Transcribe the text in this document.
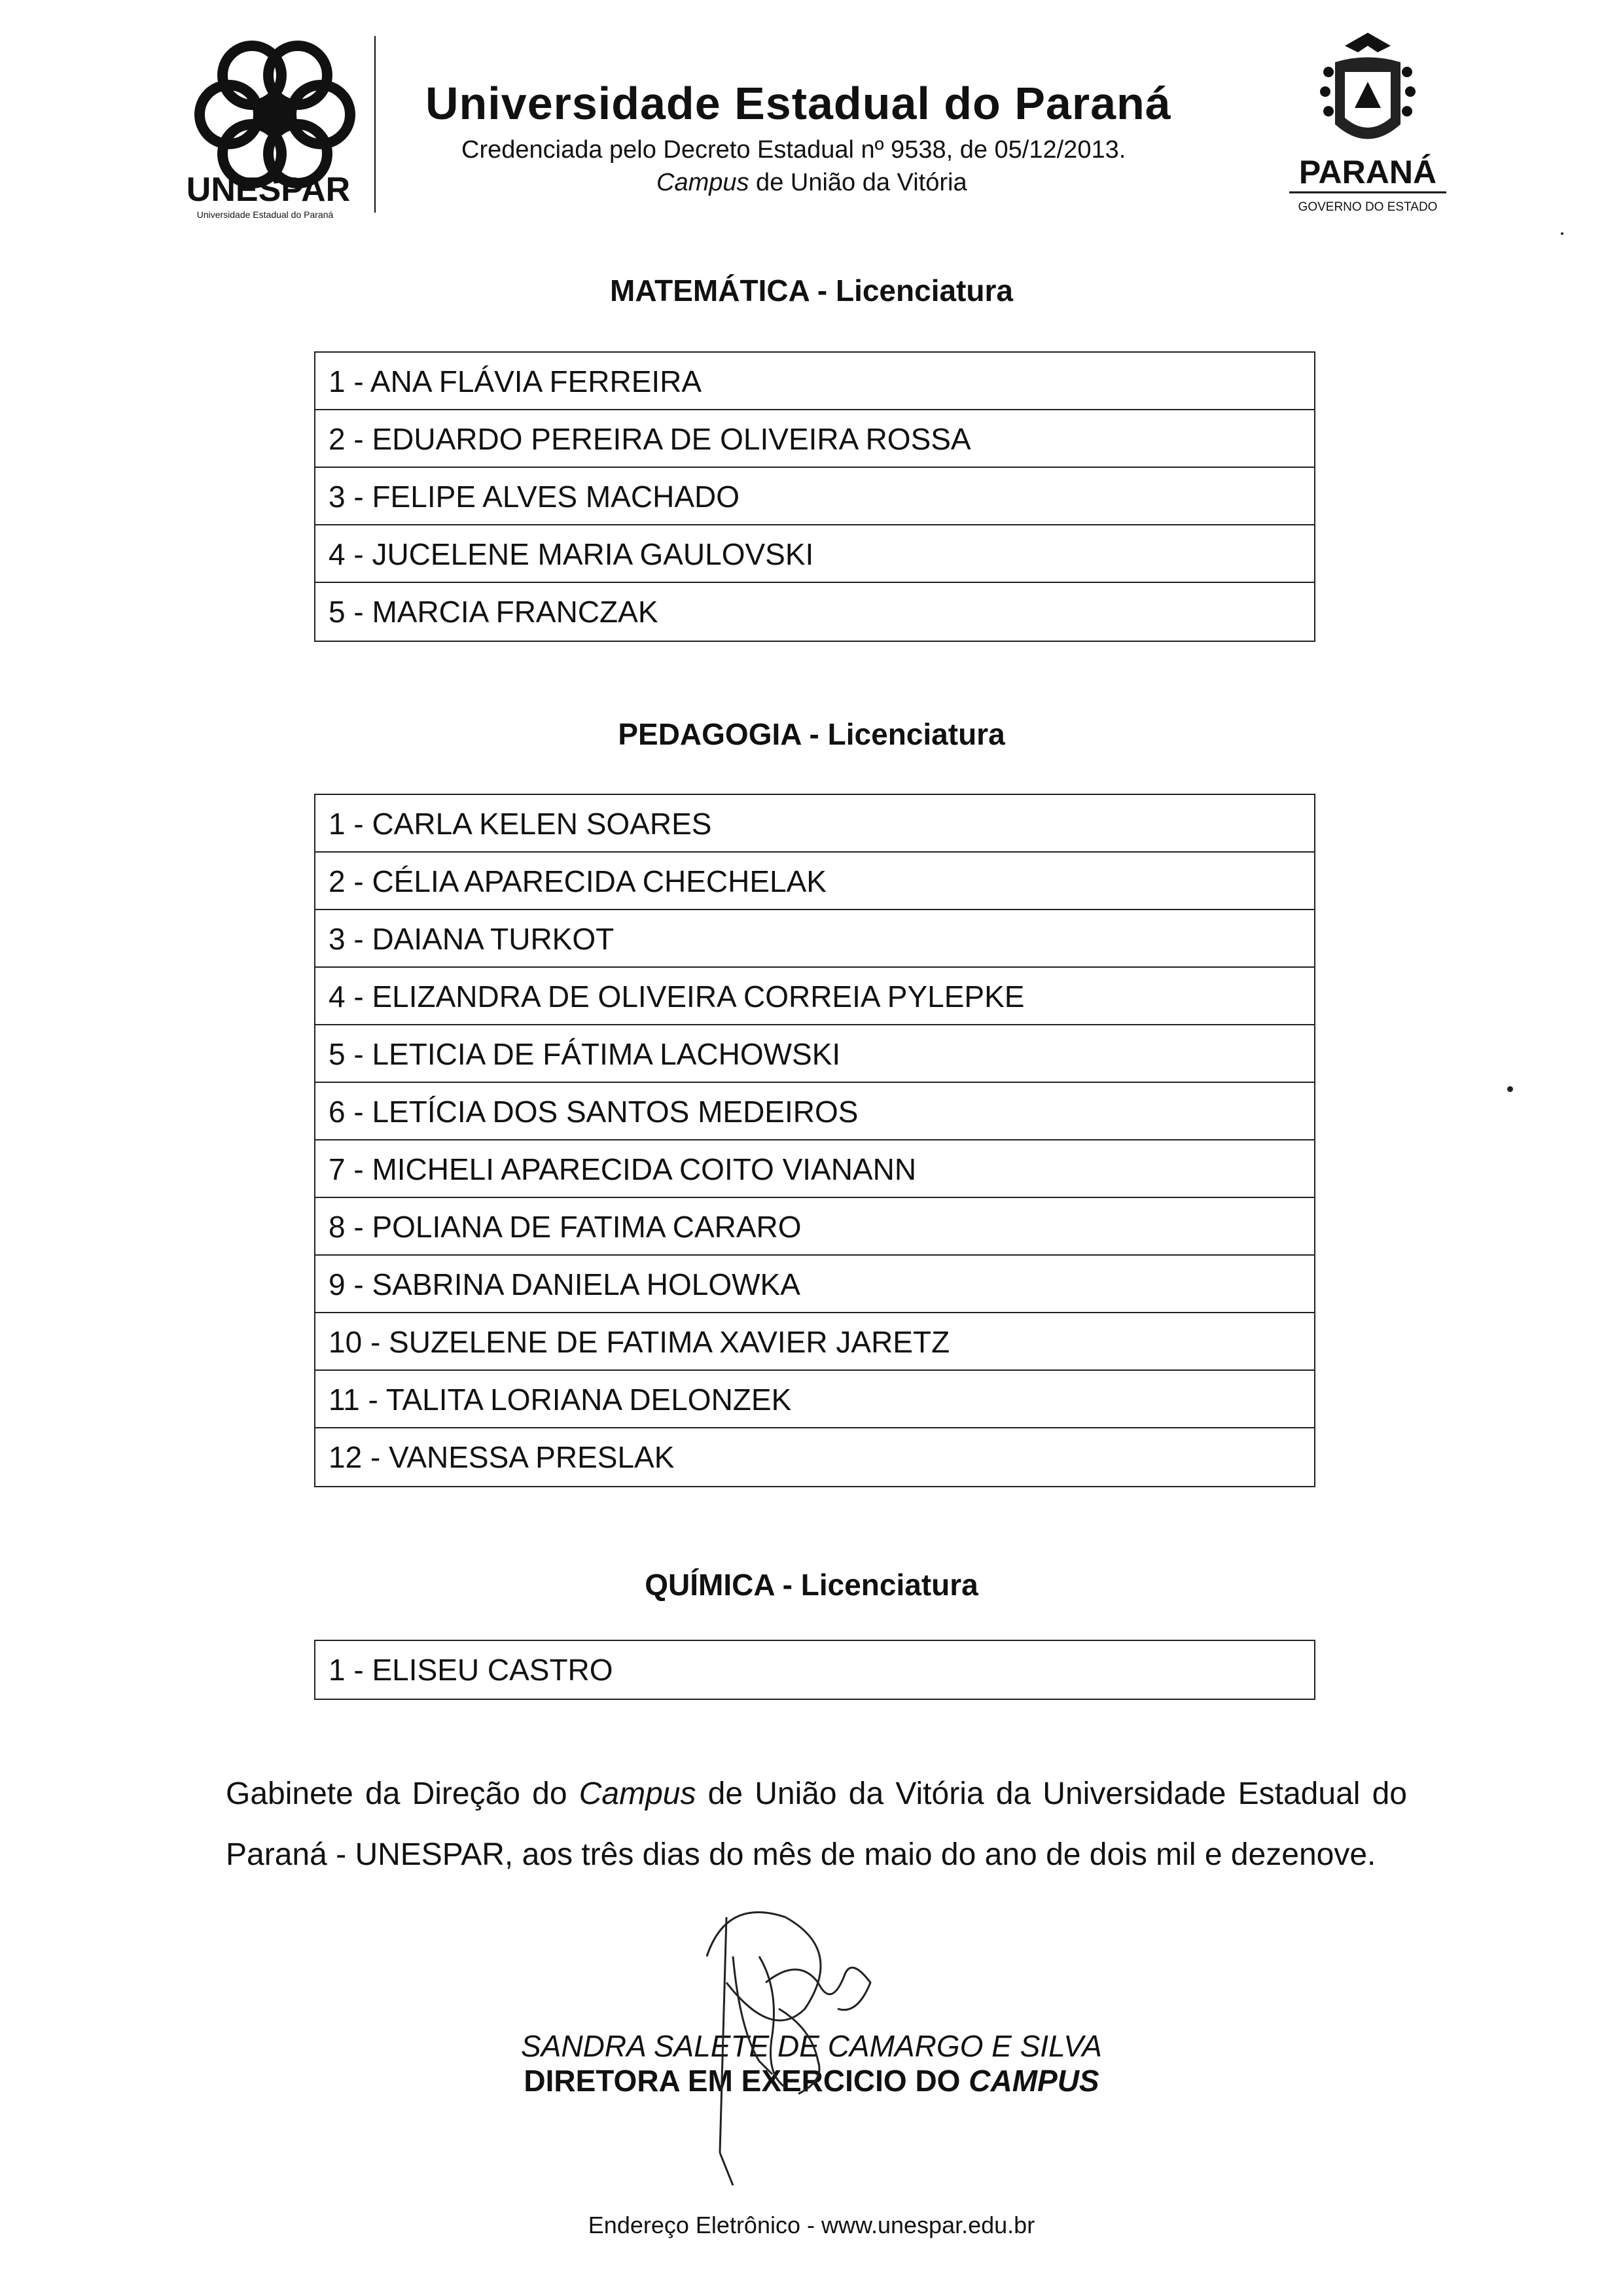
UNESPAR
Universidade Estadual do Paraná
Universidade Estadual do Paraná
Credenciada pelo Decreto Estadual nº 9538, de 05/12/2013.
Campus de União da Vitória	PARANÁ
GOVERNO DO ESTADO
MATEMÁTICA - Licenciatura
1 - ANA FLÁVIA FERREIRA
2 - EDUARDO PEREIRA DE OLIVEIRA ROSSA
3 - FELIPE ALVES MACHADO
4 - JUCELENE MARIA GAULOVSKI
5 - MARCIA FRANCZAK
PEDAGOGIA - Licenciatura
1 - CARLA KELEN SOARES
2 - CÉLIA APARECIDA CHECHELAK
3 - DAIANA TURKOT
4 - ELIZANDRA DE OLIVEIRA CORREIA PYLEPKE
5 - LETICIA DE FÁTIMA LACHOWSKI
6 - LETÍCIA DOS SANTOS MEDEIROS
7 - MICHELI APARECIDA COITO VIANANN
8 - POLIANA DE FATIMA CARARO
9 - SABRINA DANIELA HOLOWKA
10 - SUZELENE DE FATIMA XAVIER JARETZ
11 - TALITA LORIANA DELONZEK
12 - VANESSA PRESLAK
QUÍMICA - Licenciatura
1 - ELISEU CASTRO
Gabinete da Direção do Campus de União da Vitória da Universidade Estadual do Paraná - UNESPAR, aos três dias do mês de maio do ano de dois mil e dezenove.
SANDRA SALETE DE CAMARGO E SILVA
DIRETORA EM EXERCICIO DO CAMPUS
Endereço Eletrônico - www.unespar.edu.br
